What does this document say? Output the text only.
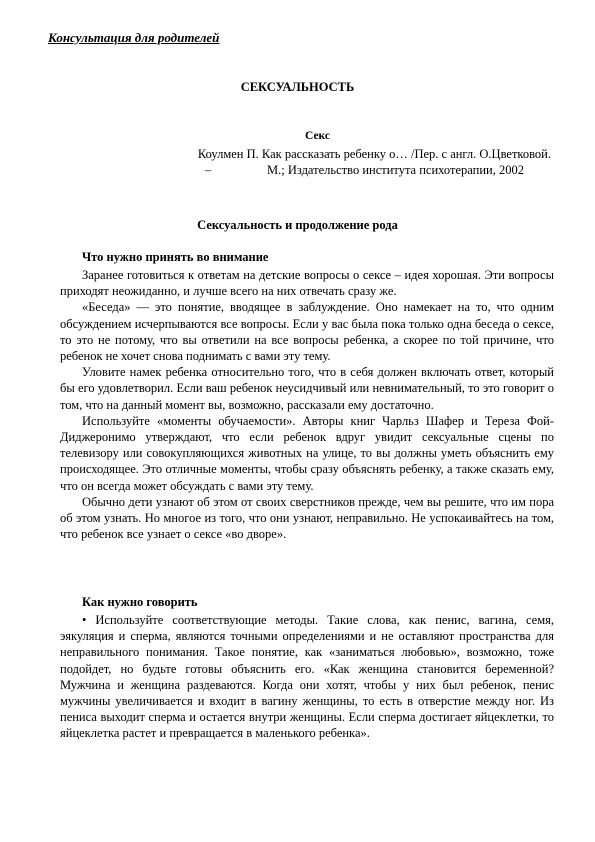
Консультация для родителей
СЕКСУАЛЬНОСТЬ
Секс
Коулмен П. Как рассказать ребенку о… /Пер. с англ. О.Цветковой.
–	М.; Издательство института психотерапии, 2002
Сексуальность и продолжение рода
Что нужно принять во внимание

Заранее готовиться к ответам на детские вопросы о сексе – идея хорошая. Эти вопросы приходят неожиданно, и лучше всего на них отвечать сразу же.

«Беседа» — это понятие, вводящее в заблуждение. Оно намекает на то, что одним обсуждением исчерпываются все вопросы. Если у вас была пока только одна беседа о сексе, то это не потому, что вы ответили на все вопросы ребенка, а скорее по той причине, что ребенок не хочет снова поднимать с вами эту тему.

Уловите намек ребенка относительно того, что в себя должен включать ответ, который бы его удовлетворил. Если ваш ребенок неусидчивый или невнимательный, то это говорит о том, что на данный момент вы, возможно, рассказали ему достаточно.

Используйте «моменты обучаемости». Авторы книг Чарльз Шафер и Тереза Фой-Диджеронимо утверждают, что если ребенок вдруг увидит сексуальные сцены по телевизору или совокупляющихся животных на улице, то вы должны уметь объяснить ему происходящее. Это отличные моменты, чтобы сразу объяснять ребенку, а также сказать ему, что он всегда может обсуждать с вами эту тему.

Обычно дети узнают об этом от своих сверстников прежде, чем вы решите, что им пора об этом узнать. Но многое из того, что они узнают, неправильно. Не успокаивайтесь на том, что ребенок все узнает о сексе «во дворе».

Как нужно говорить

• Используйте соответствующие методы. Такие слова, как пенис, вагина, семя, эякуляция и сперма, являются точными определениями и не оставляют пространства для неправильного понимания. Такое понятие, как «заниматься любовью», возможно, тоже подойдет, но будьте готовы объяснить его. «Как женщина становится беременной? Мужчина и женщина раздеваются. Когда они хотят, чтобы у них был ребенок, пенис мужчины увеличивается и входит в вагину женщины, то есть в отверстие между ног. Из пениса выходит сперма и остается внутри женщины. Если сперма достигает яйцеклетки, то яйцеклетка растет и превращается в маленького ребенка».
